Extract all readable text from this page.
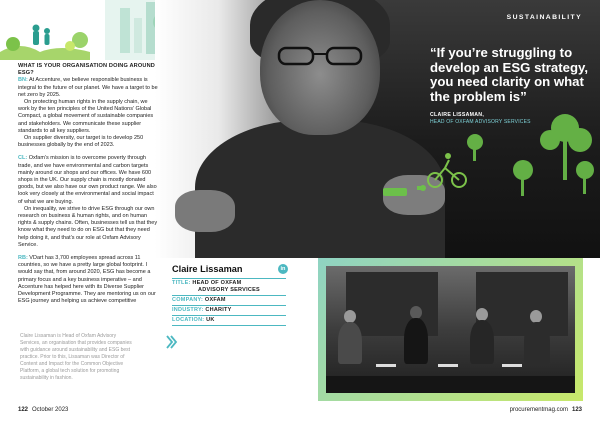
SUSTAINABILITY
“If you’re struggling to develop an ESG strategy, you need clarity on what the problem is”
CLAIRE LISSAMAN,
HEAD OF OXFAM ADVISORY SERVICES

WHAT IS YOUR ORGANISATION DOING AROUND ESG?

BN: At Accenture, we believe responsible business is integral to the future of our planet. We have a target to be net zero by 2025.

On protecting human rights in the supply chain, we work by the ten principles of the United Nations’ Global Compact, a global movement of sustainable companies and stakeholders. We communicate these supplier standards to all key suppliers.

On supplier diversity, our target is to develop 250 businesses globally by the end of 2023.

CL: Oxfam’s mission is to overcome poverty through trade, and we have environmental and carbon targets mainly around our shops and our offices. We have 600 shops in the UK. Our supply chain is mostly donated goods, but we also have our own product range. We also look very closely at the environmental and social impact of what we are buying.

On inequality, we strive to drive ESG through our own research on business & human rights, and on human rights & supply chains. Often, businesses tell us that they know what they need to do on ESG but that they need help doing it, and that’s our role at Oxfam Advisory Service.

RB: VDart has 3,700 employees spread across 11 countries, so we have a pretty large global footprint. I would say that, from around 2020, ESG has become a primary focus and a key business imperative – and Accenture has helped here with its Diverse Supplier Development Programme. They are mentoring us on our ESG journey and helping us achieve competitive

Claire Lissaman	in
TITLE: HEAD OF OXFAM
ADVISORY SERVICES
COMPANY: OXFAM
INDUSTRY: CHARITY
LOCATION: UK
Claire Lissaman is Head of Oxfam Advisory Services, an organisation that provides companies with guidance around sustainability and ESG best practice. Prior to this, Lissaman was Director of Content and Impact for the Common Objective Platform, a global tech solution for promoting sustainability in fashion.
122 October 2023	procurementmag.com 123
